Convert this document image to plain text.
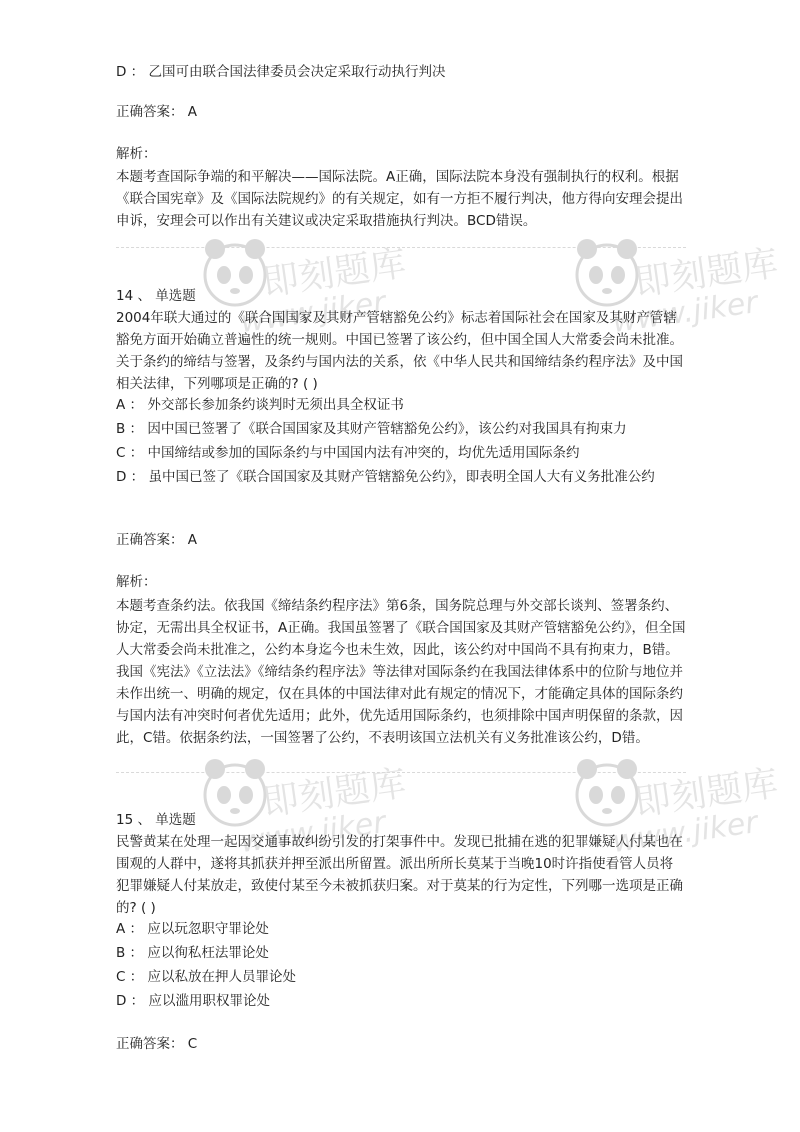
即刻题库
www.jiker
即刻题库
www.jiker
即刻题库
www.jiker
即刻题库
www.jiker
D ： 乙国可由联合国法律委员会决定采取行动执行判决
正确答案： A
解析：
本题考查国际争端的和平解决——国际法院。A正确，国际法院本身没有强制执行的权利。根据《联合国宪章》及《国际法院规约》的有关规定，如有一方拒不履行判决，他方得向安理会提出申诉，安理会可以作出有关建议或决定采取措施执行判决。BCD错误。
14 、 单选题
2004年联大通过的《联合国国家及其财产管辖豁免公约》标志着国际社会在国家及其财产管辖豁免方面开始确立普遍性的统一规则。中国已签署了该公约，但中国全国人大常委会尚未批准。关于条约的缔结与签署，及条约与国内法的关系，依《中华人民共和国缔结条约程序法》及中国相关法律，下列哪项是正确的? ( )
A ： 外交部长参加条约谈判时无须出具全权证书
B ： 因中国已签署了《联合国国家及其财产管辖豁免公约》，该公约对我国具有拘束力
C ： 中国缔结或参加的国际条约与中国国内法有冲突的，均优先适用国际条约
D ： 虽中国已签了《联合国国家及其财产管辖豁免公约》，即表明全国人大有义务批准公约
正确答案： A
解析：
本题考查条约法。依我国《缔结条约程序法》第6条，国务院总理与外交部长谈判、签署条约、协定，无需出具全权证书，A正确。我国虽签署了《联合国国家及其财产管辖豁免公约》，但全国人大常委会尚未批准之，公约本身迄今也未生效，因此，该公约对中国尚不具有拘束力，B错。我国《宪法》《立法法》《缔结条约程序法》等法律对国际条约在我国法律体系中的位阶与地位并未作出统一、明确的规定，仅在具体的中国法律对此有规定的情况下，才能确定具体的国际条约与国内法有冲突时何者优先适用；此外，优先适用国际条约，也须排除中国声明保留的条款，因此，C错。依据条约法，一国签署了公约，不表明该国立法机关有义务批准该公约，D错。
15 、 单选题
民警黄某在处理一起因交通事故纠纷引发的打架事件中。发现已批捕在逃的犯罪嫌疑人付某也在围观的人群中，遂将其抓获并押至派出所留置。派出所所长莫某于当晚10时许指使看管人员将犯罪嫌疑人付某放走，致使付某至今未被抓获归案。对于莫某的行为定性，下列哪一选项是正确的? ( )
A ： 应以玩忽职守罪论处
B ： 应以徇私枉法罪论处
C ： 应以私放在押人员罪论处
D ： 应以滥用职权罪论处
正确答案： C
